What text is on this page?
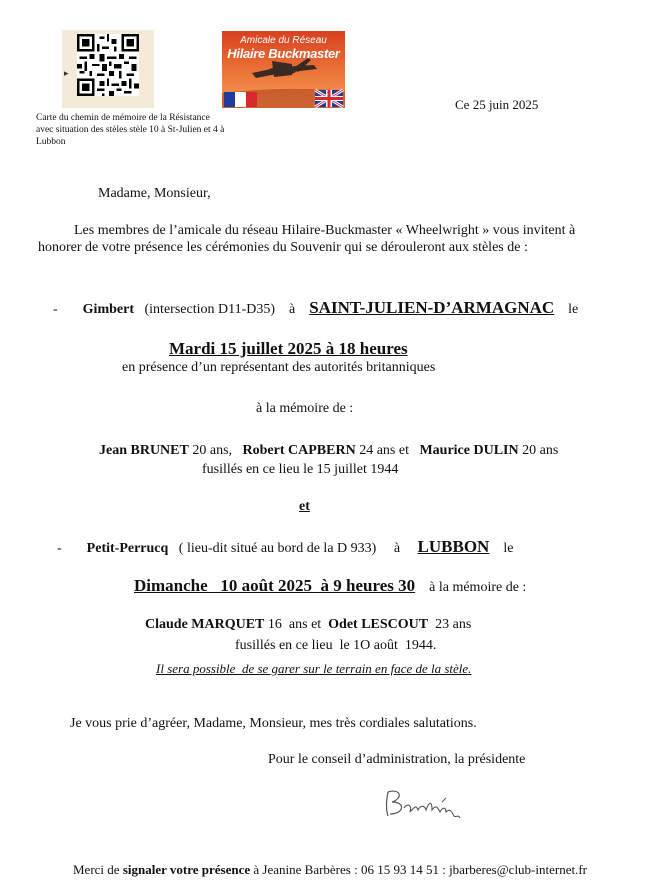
▸
Carte du chemin de mémoire de la Résistance avec situation des stèles stèle 10 à St-Julien et 4 à Lubbon
Amicale du Réseau
Hilaire Buckmaster
Ce 25 juin 2025
Madame, Monsieur,
Les membres de l’amicale du réseau Hilaire-Buckmaster « Wheelwright » vous invitent à honorer de votre présence les cérémonies du Souvenir qui se dérouleront aux stèles de :
- Gimbert (intersection D11-D35) à SAINT-JULIEN-D’ARMAGNAC le
Mardi 15 juillet 2025 à 18 heures
en présence d’un représentant des autorités britanniques
à la mémoire de :
Jean BRUNET 20 ans, Robert CAPBERN 24 ans et Maurice DULIN 20 ans
fusillés en ce lieu le 15 juillet 1944
et
- Petit-Perrucq ( lieu-dit situé au bord de la D 933) à LUBBON le
Dimanche   10 août 2025  à 9 heures 30 à la mémoire de :
Claude MARQUET 16  ans et Odet LESCOUT 23 ans
fusillés en ce lieu  le 1O août  1944.
Il sera possible  de se garer sur le terrain en face de la stèle.
Je vous prie d’agréer, Madame, Monsieur, mes très cordiales salutations.
Pour le conseil d’administration, la présidente
Merci de signaler votre présence à Jeanine Barbères : 06 15 93 14 51 : jbarberes@club-internet.fr
